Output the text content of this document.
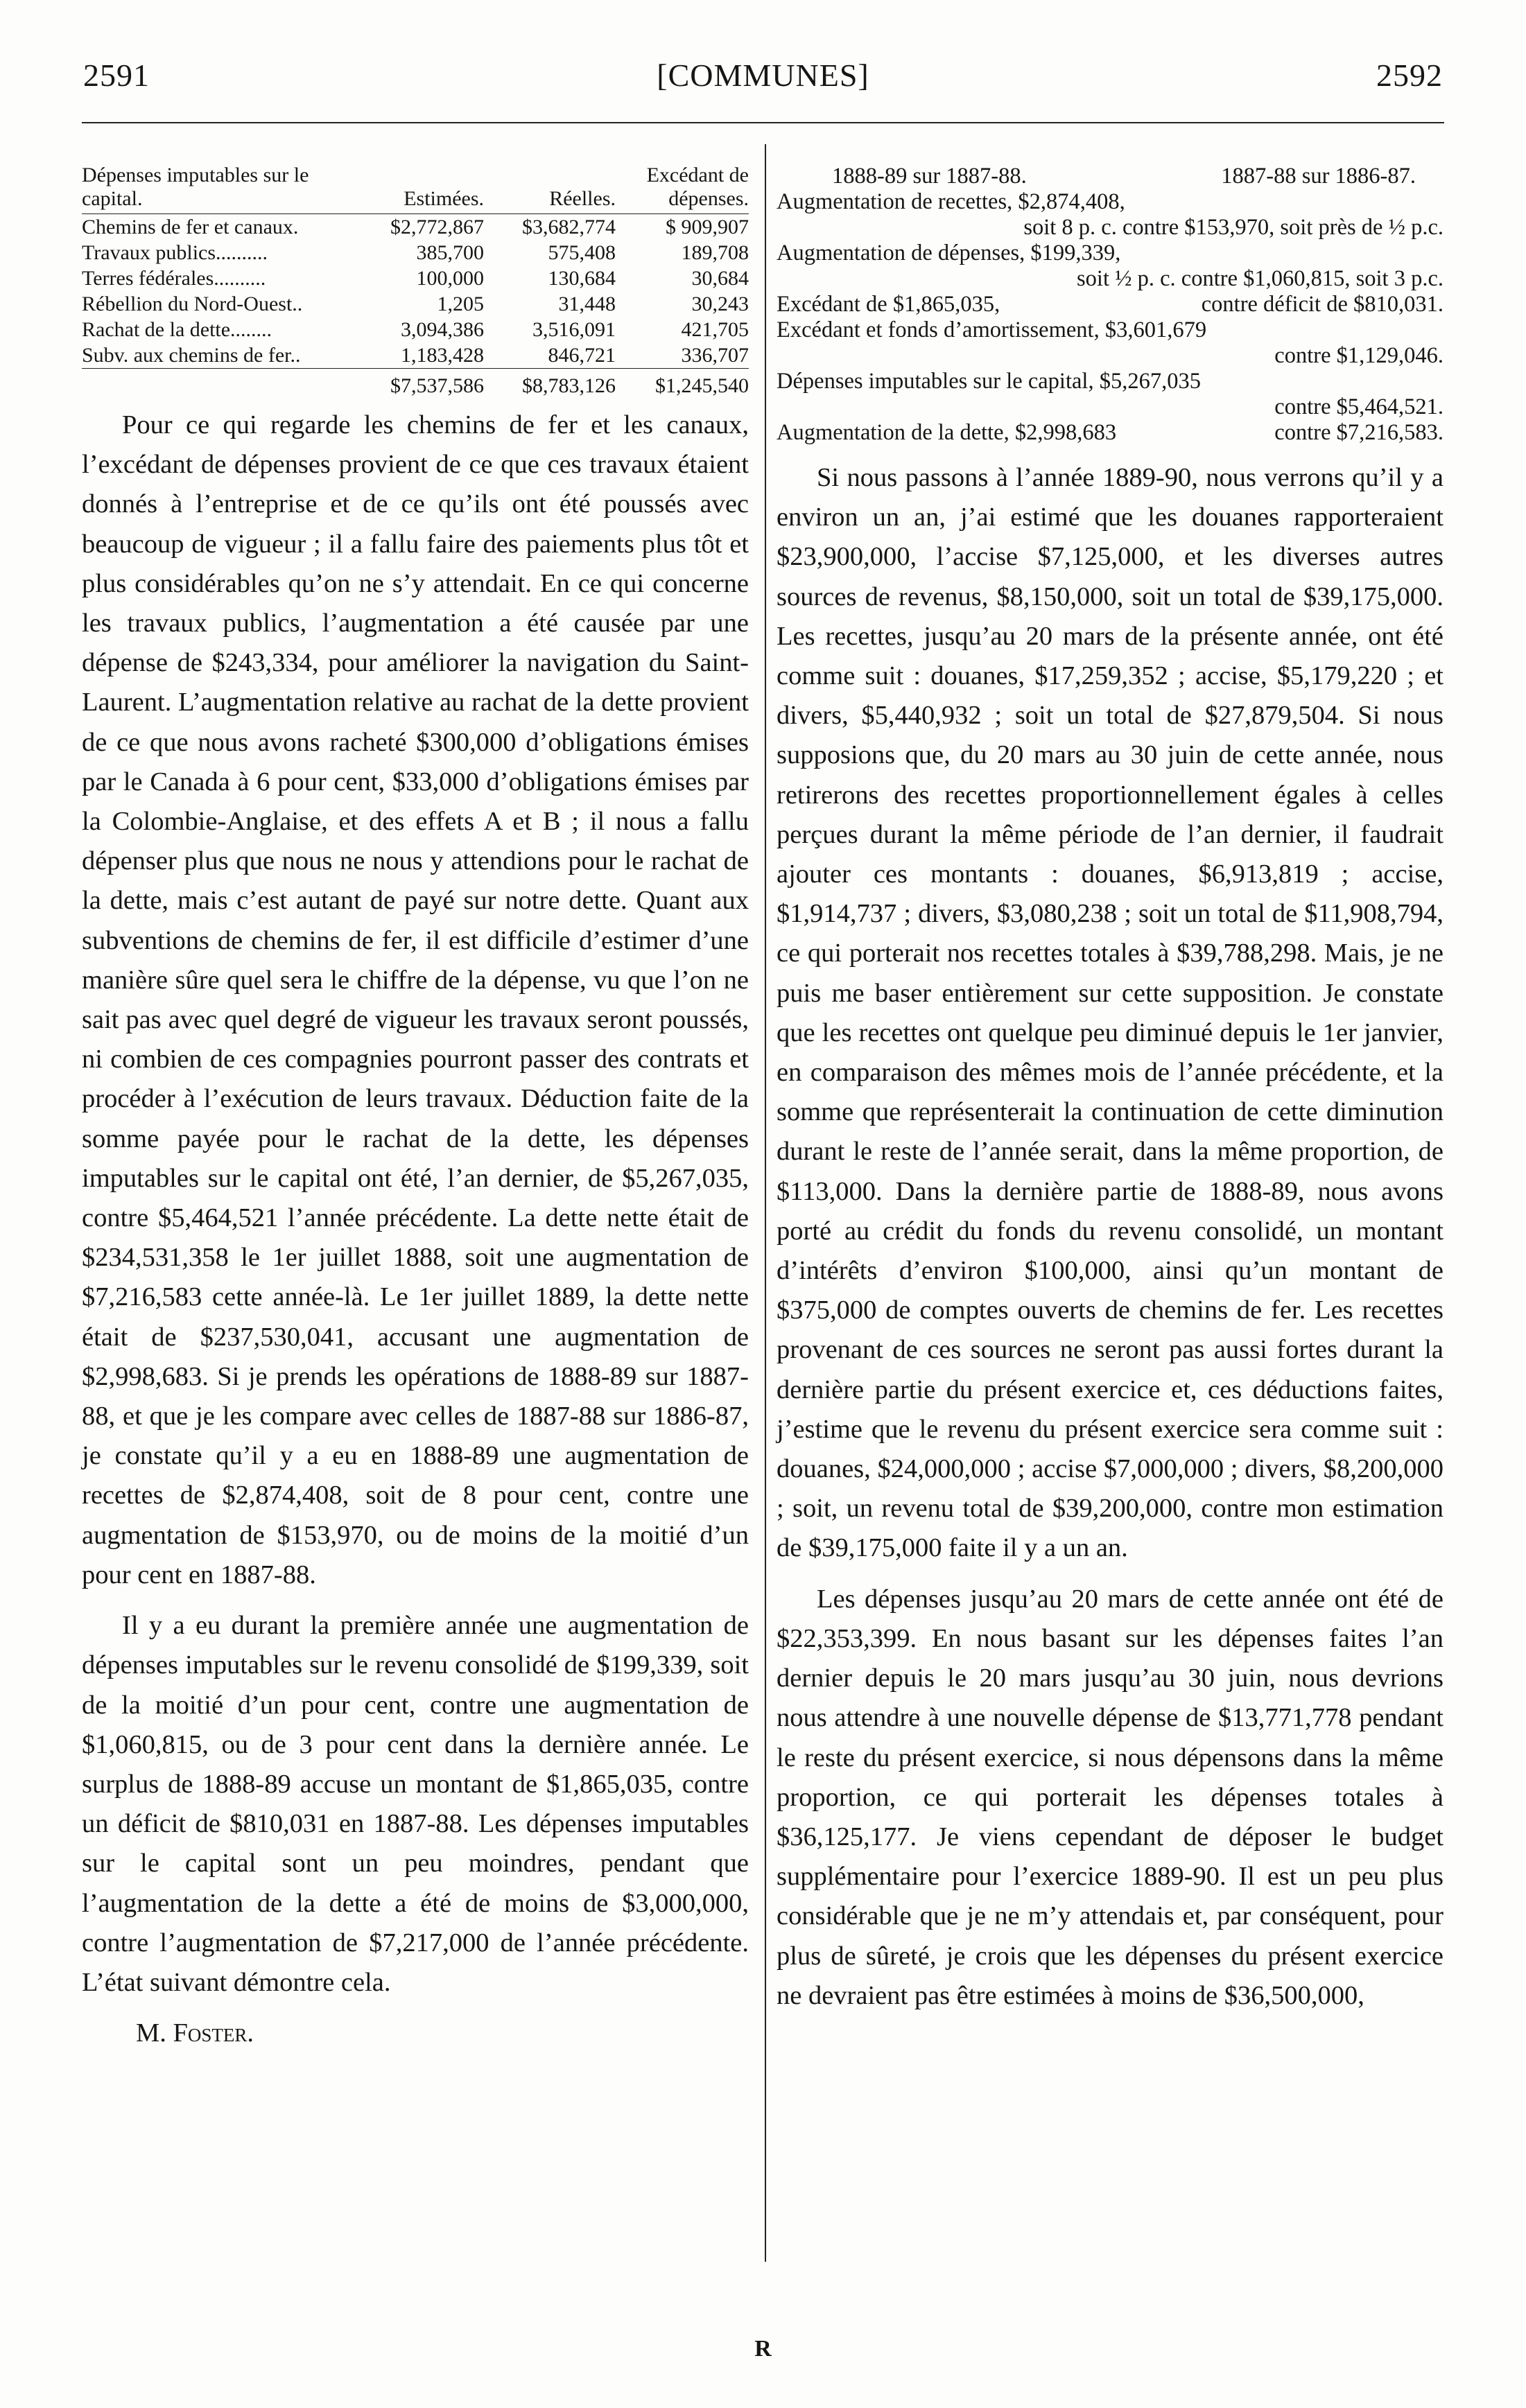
2591	[COMMUNES]	2592
Dépenses imputables sur le capital.	Estimées.	Réelles.	Excédant de dépenses.
Chemins de fer et canaux.	$2,772,867	$3,682,774	$ 909,907
Travaux publics..........	385,700	575,408	189,708
Terres fédérales..........	100,000	130,684	30,684
Rébellion du Nord-Ouest..	1,205	31,448	30,243
Rachat de la dette........	3,094,386	3,516,091	421,705
Subv. aux chemins de fer..	1,183,428	846,721	336,707
	$7,537,586	$8,783,126	$1,245,540

Pour ce qui regarde les chemins de fer et les canaux, l’excédant de dépenses provient de ce que ces travaux étaient donnés à l’entreprise et de ce qu’ils ont été poussés avec beaucoup de vigueur ; il a fallu faire des paiements plus tôt et plus considérables qu’on ne s’y attendait. En ce qui concerne les travaux publics, l’augmentation a été causée par une dépense de $243,334, pour améliorer la navigation du Saint-Laurent. L’augmentation relative au rachat de la dette provient de ce que nous avons racheté $300,000 d’obligations émises par le Canada à 6 pour cent, $33,000 d’obligations émises par la Colombie-Anglaise, et des effets A et B ; il nous a fallu dépenser plus que nous ne nous y attendions pour le rachat de la dette, mais c’est autant de payé sur notre dette. Quant aux subventions de chemins de fer, il est difficile d’estimer d’une manière sûre quel sera le chiffre de la dépense, vu que l’on ne sait pas avec quel degré de vigueur les travaux seront poussés, ni combien de ces compagnies pourront passer des contrats et procéder à l’exécution de leurs travaux. Déduction faite de la somme payée pour le rachat de la dette, les dépenses imputables sur le capital ont été, l’an dernier, de $5,267,035, contre $5,464,521 l’année précédente. La dette nette était de $234,531,358 le 1er juillet 1888, soit une augmentation de $7,216,583 cette année-là. Le 1er juillet 1889, la dette nette était de $237,530,041, accusant une augmentation de $2,998,683. Si je prends les opérations de 1888-89 sur 1887-88, et que je les compare avec celles de 1887-88 sur 1886-87, je constate qu’il y a eu en 1888-89 une augmentation de recettes de $2,874,408, soit de 8 pour cent, contre une augmentation de $153,970, ou de moins de la moitié d’un pour cent en 1887-88.

Il y a eu durant la première année une augmentation de dépenses imputables sur le revenu consolidé de $199,339, soit de la moitié d’un pour cent, contre une augmentation de $1,060,815, ou de 3 pour cent dans la dernière année. Le surplus de 1888-89 accuse un montant de $1,865,035, contre un déficit de $810,031 en 1887-88. Les dépenses imputables sur le capital sont un peu moindres, pendant que l’augmentation de la dette a été de moins de $3,000,000, contre l’augmentation de $7,217,000 de l’année précédente. L’état suivant démontre cela.

M. Foster.

1888-89 sur 1887-88.	1887-88 sur 1886-87.
Augmentation de recettes, $2,874,408,
soit 8 p. c. contre $153,970, soit près de ½ p.c.
Augmentation de dépenses, $199,339,
soit ½ p. c. contre $1,060,815, soit 3 p.c.
Excédant de $1,865,035,	contre déficit de $810,031.
Excédant et fonds d’amortissement, $3,601,679
contre $1,129,046.
Dépenses imputables sur le capital, $5,267,035
contre $5,464,521.
Augmentation de la dette, $2,998,683	contre $7,216,583.

Si nous passons à l’année 1889-90, nous verrons qu’il y a environ un an, j’ai estimé que les douanes rapporteraient $23,900,000, l’accise $7,125,000, et les diverses autres sources de revenus, $8,150,000, soit un total de $39,175,000. Les recettes, jusqu’au 20 mars de la présente année, ont été comme suit : douanes, $17,259,352 ; accise, $5,179,220 ; et divers, $5,440,932 ; soit un total de $27,879,504. Si nous supposions que, du 20 mars au 30 juin de cette année, nous retirerons des recettes proportionnellement égales à celles perçues durant la même période de l’an dernier, il faudrait ajouter ces montants : douanes, $6,913,819 ; accise, $1,914,737 ; divers, $3,080,238 ; soit un total de $11,908,794, ce qui porterait nos recettes totales à $39,788,298. Mais, je ne puis me baser entièrement sur cette supposition. Je constate que les recettes ont quelque peu diminué depuis le 1er janvier, en comparaison des mêmes mois de l’année précédente, et la somme que représenterait la continuation de cette diminution durant le reste de l’année serait, dans la même proportion, de $113,000. Dans la dernière partie de 1888-89, nous avons porté au crédit du fonds du revenu consolidé, un montant d’intérêts d’environ $100,000, ainsi qu’un montant de $375,000 de comptes ouverts de chemins de fer. Les recettes provenant de ces sources ne seront pas aussi fortes durant la dernière partie du présent exercice et, ces déductions faites, j’estime que le revenu du présent exercice sera comme suit : douanes, $24,000,000 ; accise $7,000,000 ; divers, $8,200,000 ; soit, un revenu total de $39,200,000, contre mon estimation de $39,175,000 faite il y a un an.

Les dépenses jusqu’au 20 mars de cette année ont été de $22,353,399. En nous basant sur les dépenses faites l’an dernier depuis le 20 mars jusqu’au 30 juin, nous devrions nous attendre à une nouvelle dépense de $13,771,778 pendant le reste du présent exercice, si nous dépensons dans la même proportion, ce qui porterait les dépenses totales à $36,125,177. Je viens cependant de déposer le budget supplémentaire pour l’exercice 1889-90. Il est un peu plus considérable que je ne m’y attendais et, par conséquent, pour plus de sûreté, je crois que les dépenses du présent exercice ne devraient pas être estimées à moins de $36,500,000,

R
